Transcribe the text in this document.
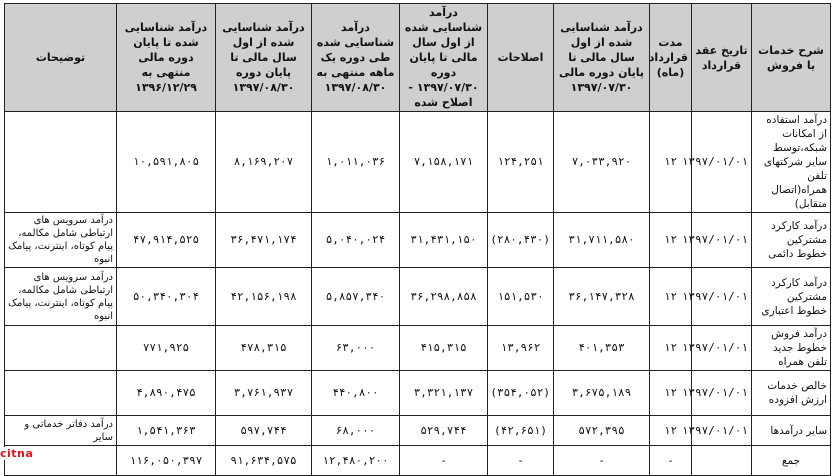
شرح خدمات یا فروش	تاریخ عقد قرارداد	مدت قرارداد (ماه)	درآمد شناسایی شده از اول سال مالی تا پایان دوره مالی ۱۳۹۷/۰۷/۳۰	اصلاحات	درآمد شناسایی شده از اول سال مالی تا پایان دوره ۱۳۹۷/۰۷/۳۰ - اصلاح شده	درآمد شناسایی شده طی دوره یک ماهه منتهی به ۱۳۹۷/۰۸/۳۰	درآمد شناسایی شده از اول سال مالی تا پایان دوره ۱۳۹۷/۰۸/۳۰	درآمد شناسایی شده تا پایان دوره مالی منتهی به ۱۳۹۶/۱۲/۲۹	توضیحات
درآمد استفاده از امکانات شبکه،توسط سایر شرکتهای تلفن همراه(اتصال متقابل)	۱۳۹۷/۰۱/۰۱	۱۲	۷,۰۳۳,۹۲۰	۱۲۴,۲۵۱	۷,۱۵۸,۱۷۱	۱,۰۱۱,۰۳۶	۸,۱۶۹,۲۰۷	۱۰,۵۹۱,۸۰۵	
درآمد کارکرد مشترکین خطوط دائمی	۱۳۹۷/۰۱/۰۱	۱۲	۳۱,۷۱۱,۵۸۰	(۲۸۰,۴۳۰)	۳۱,۴۳۱,۱۵۰	۵,۰۴۰,۰۲۴	۳۶,۴۷۱,۱۷۴	۴۷,۹۱۴,۵۲۵	درآمد سرویس های ارتباطی شامل مکالمه، پیام کوتاه، اینترنت، پیامک انبوه
درآمد کارکرد مشترکین خطوط اعتباری	۱۳۹۷/۰۱/۰۱	۱۲	۳۶,۱۴۷,۳۲۸	۱۵۱,۵۳۰	۳۶,۲۹۸,۸۵۸	۵,۸۵۷,۳۴۰	۴۲,۱۵۶,۱۹۸	۵۰,۳۴۰,۳۰۴	درآمد سرویس های ارتباطی شامل مکالمه، پیام کوتاه، اینترنت، پیامک انبوه
درآمد فروش خطوط جدید تلفن همراه	۱۳۹۷/۰۱/۰۱	۱۲	۴۰۱,۳۵۳	۱۳,۹۶۲	۴۱۵,۳۱۵	۶۳,۰۰۰	۴۷۸,۳۱۵	۷۷۱,۹۲۵	
خالص خدمات ارزش افزوده	۱۳۹۷/۰۱/۰۱	۱۲	۳,۶۷۵,۱۸۹	(۳۵۴,۰۵۲)	۳,۳۲۱,۱۳۷	۴۴۰,۸۰۰	۳,۷۶۱,۹۳۷	۴,۸۹۰,۴۷۵	
سایر درآمدها	۱۳۹۷/۰۱/۰۱	۱۲	۵۷۲,۳۹۵	(۴۲,۶۵۱)	۵۲۹,۷۴۴	۶۸,۰۰۰	۵۹۷,۷۴۴	۱,۵۴۱,۳۶۳	درآمد دفاتر خدماتی و سایر
جمع		-	-	-	-	۱۲,۴۸۰,۲۰۰	۹۱,۶۳۴,۵۷۵	۱۱۶,۰۵۰,۳۹۷	
citna
